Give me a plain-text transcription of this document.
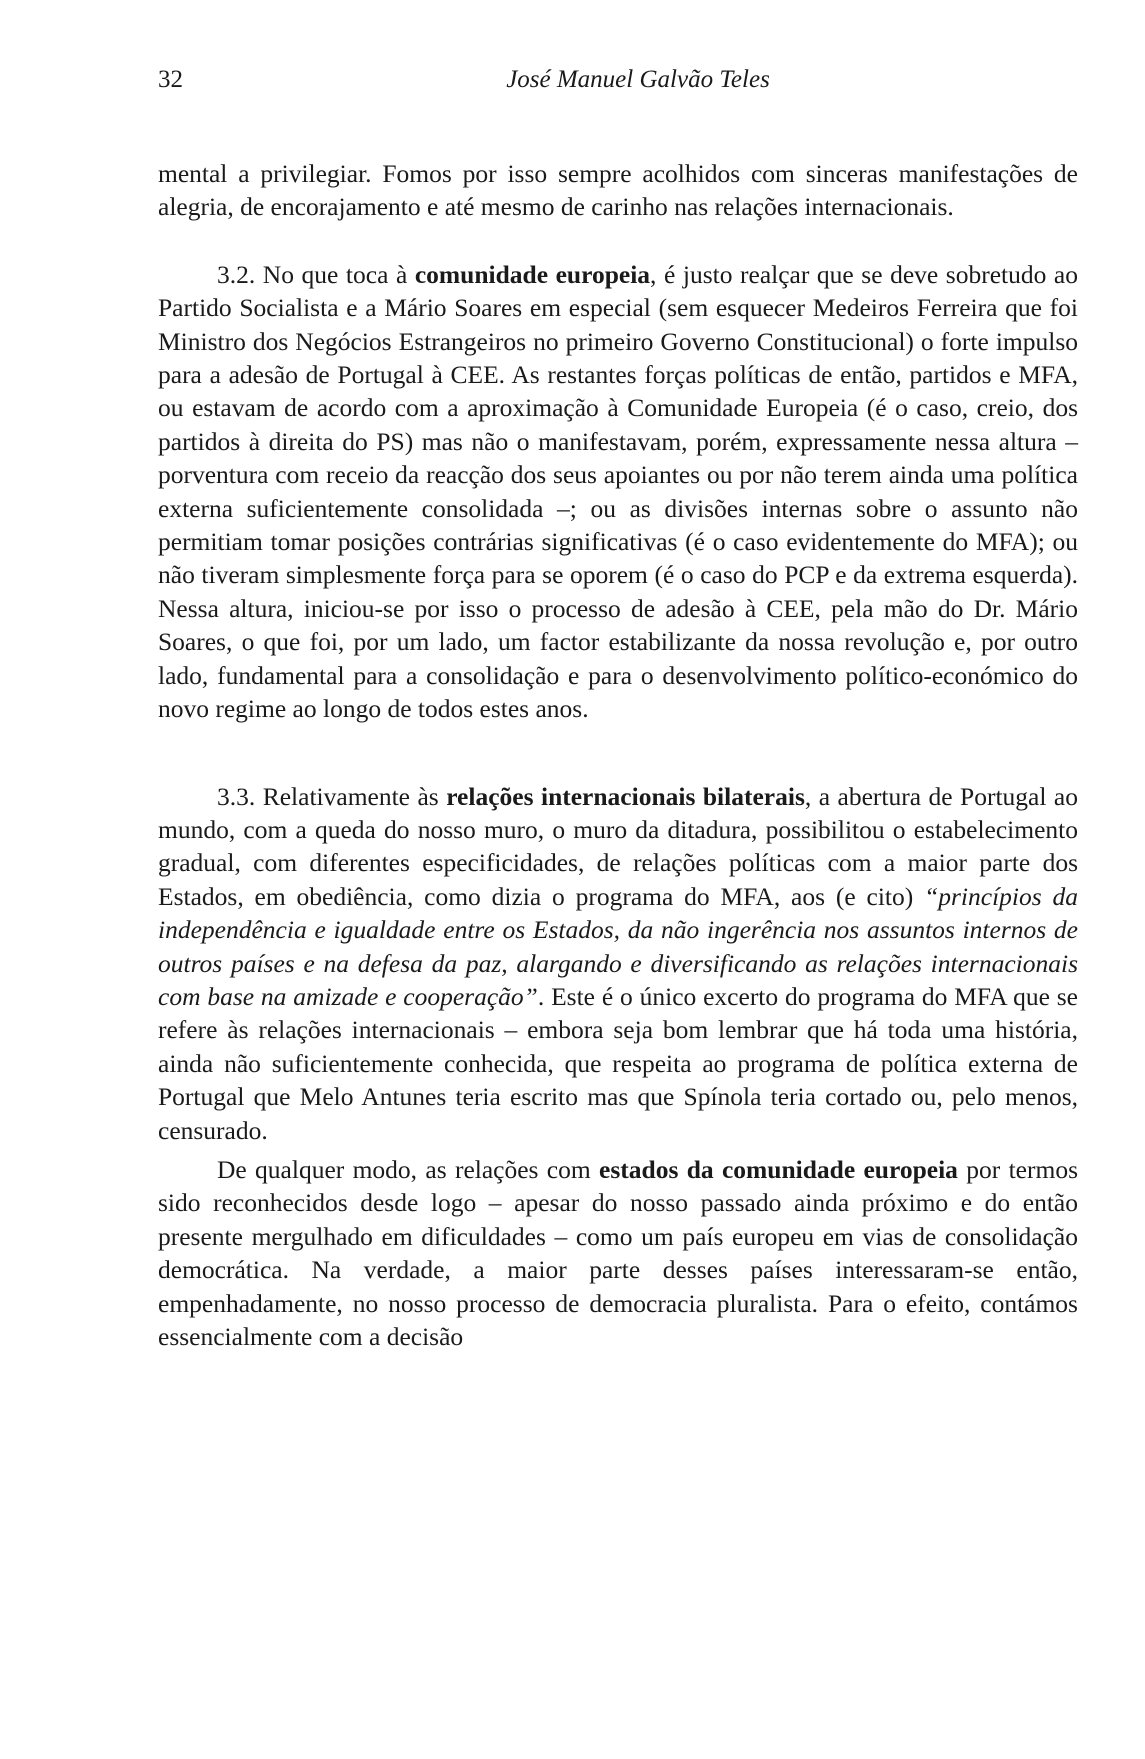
32	José Manuel Galvão Teles

mental a privilegiar. Fomos por isso sempre acolhidos com sinceras manifestações de alegria, de encorajamento e até mesmo de carinho nas relações internacionais.

3.2. No que toca à comunidade europeia, é justo realçar que se deve sobretudo ao Partido Socialista e a Mário Soares em especial (sem esquecer Medeiros Ferreira que foi Ministro dos Negócios Estrangeiros no primeiro Governo Constitucional) o forte impulso para a adesão de Portugal à CEE. As restantes forças políticas de então, partidos e MFA, ou estavam de acordo com a aproximação à Comunidade Europeia (é o caso, creio, dos partidos à direita do PS) mas não o manifestavam, porém, expressamente nessa altura – porventura com receio da reacção dos seus apoiantes ou por não terem ainda uma política externa suficientemente consolidada –; ou as divisões internas sobre o assunto não permitiam tomar posições contrárias significativas (é o caso evidentemente do MFA); ou não tiveram simplesmente força para se oporem (é o caso do PCP e da extrema esquerda). Nessa altura, iniciou-se por isso o processo de adesão à CEE, pela mão do Dr. Mário Soares, o que foi, por um lado, um factor estabilizante da nossa revolução e, por outro lado, fundamental para a consolidação e para o desenvolvimento político-económico do novo regime ao longo de todos estes anos.

3.3. Relativamente às relações internacionais bilaterais, a abertura de Portugal ao mundo, com a queda do nosso muro, o muro da ditadura, possibilitou o estabelecimento gradual, com diferentes especificidades, de relações políticas com a maior parte dos Estados, em obediência, como dizia o programa do MFA, aos (e cito) “princípios da independência e igualdade entre os Estados, da não ingerência nos assuntos internos de outros países e na defesa da paz, alargando e diversificando as relações internacionais com base na amizade e cooperação”. Este é o único excerto do programa do MFA que se refere às relações internacionais – embora seja bom lembrar que há toda uma história, ainda não suficientemente conhecida, que respeita ao programa de política externa de Portugal que Melo Antunes teria escrito mas que Spínola teria cortado ou, pelo menos, censurado.

De qualquer modo, as relações com estados da comunidade europeia por termos sido reconhecidos desde logo – apesar do nosso passado ainda próximo e do então presente mergulhado em dificuldades – como um país europeu em vias de consolidação democrática. Na verdade, a maior parte desses países interessaram-se então, empenhadamente, no nosso processo de democracia pluralista. Para o efeito, contámos essencialmente com a decisão
